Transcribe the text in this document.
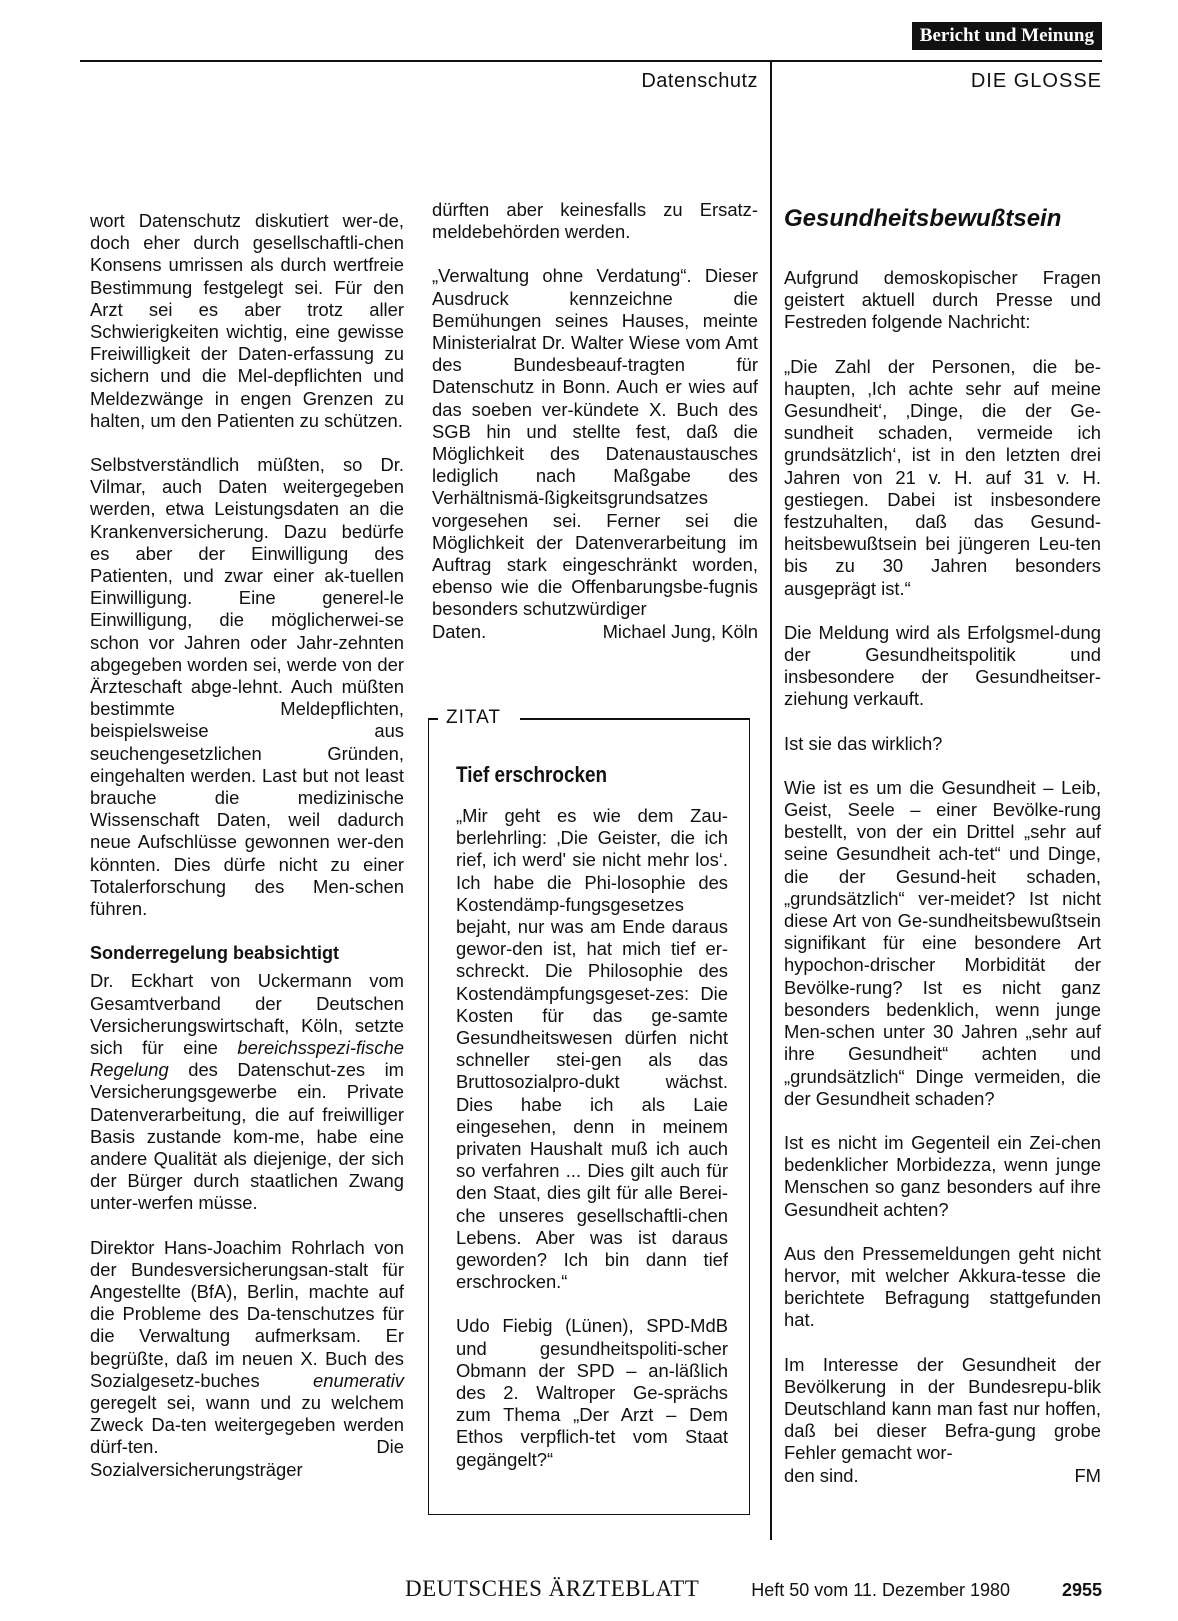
Bericht und Meinung
Datenschutz	DIE GLOSSE

wort Datenschutz diskutiert wer-de, doch eher durch gesellschaftli-chen Konsens umrissen als durch wertfreie Bestimmung festgelegt sei. Für den Arzt sei es aber trotz aller Schwierigkeiten wichtig, eine gewisse Freiwilligkeit der Daten-erfassung zu sichern und die Mel-depflichten und Meldezwänge in engen Grenzen zu halten, um den Patienten zu schützen.

Selbstverständlich müßten, so Dr. Vilmar, auch Daten weitergegeben werden, etwa Leistungsdaten an die Krankenversicherung. Dazu bedürfe es aber der Einwilligung des Patienten, und zwar einer ak-tuellen Einwilligung. Eine generel-le Einwilligung, die möglicherwei-se schon vor Jahren oder Jahr-zehnten abgegeben worden sei, werde von der Ärzteschaft abge-lehnt. Auch müßten bestimmte Meldepflichten, beispielsweise aus seuchengesetzlichen Gründen, eingehalten werden. Last but not least brauche die medizinische Wissenschaft Daten, weil dadurch neue Aufschlüsse gewonnen wer-den könnten. Dies dürfe nicht zu einer Totalerforschung des Men-schen führen.

Sonderregelung beabsichtigt

Dr. Eckhart von Uckermann vom Gesamtverband der Deutschen Versicherungswirtschaft, Köln, setzte sich für eine bereichsspezi-fische Regelung des Datenschut-zes im Versicherungsgewerbe ein. Private Datenverarbeitung, die auf freiwilliger Basis zustande kom-me, habe eine andere Qualität als diejenige, der sich der Bürger durch staatlichen Zwang unter-werfen müsse.

Direktor Hans-Joachim Rohrlach von der Bundesversicherungsan-stalt für Angestellte (BfA), Berlin, machte auf die Probleme des Da-tenschutzes für die Verwaltung aufmerksam. Er begrüßte, daß im neuen X. Buch des Sozialgesetz-buches enumerativ geregelt sei, wann und zu welchem Zweck Da-ten weitergegeben werden dürf-ten. Die Sozialversicherungsträger

dürften aber keinesfalls zu Ersatz-meldebehörden werden.

„Verwaltung ohne Verdatung“. Dieser Ausdruck kennzeichne die Bemühungen seines Hauses, meinte Ministerialrat Dr. Walter Wiese vom Amt des Bundesbeauf-tragten für Datenschutz in Bonn. Auch er wies auf das soeben ver-kündete X. Buch des SGB hin und stellte fest, daß die Möglichkeit des Datenaustausches lediglich nach Maßgabe des Verhältnismä-ßigkeitsgrundsatzes vorgesehen sei. Ferner sei die Möglichkeit der Datenverarbeitung im Auftrag stark eingeschränkt worden, ebenso wie die Offenbarungsbe-fugnis besonders schutzwürdiger

Daten.	Michael Jung, Köln
ZITAT
Tief erschrocken

„Mir geht es wie dem Zau-berlehrling: ‚Die Geister, die ich rief, ich werd' sie nicht mehr los‘. Ich habe die Phi-losophie des Kostendämp-fungsgesetzes bejaht, nur was am Ende daraus gewor-den ist, hat mich tief er-schreckt. Die Philosophie des Kostendämpfungsgeset-zes: Die Kosten für das ge-samte Gesundheitswesen dürfen nicht schneller stei-gen als das Bruttosozialpro-dukt wächst. Dies habe ich als Laie eingesehen, denn in meinem privaten Haushalt muß ich auch so verfahren ... Dies gilt auch für den Staat, dies gilt für alle Berei-che unseres gesellschaftli-chen Lebens. Aber was ist daraus geworden? Ich bin dann tief erschrocken.“

Udo Fiebig (Lünen), SPD-MdB und gesundheitspoliti-scher Obmann der SPD – an-läßlich des 2. Waltroper Ge-sprächs zum Thema „Der Arzt – Dem Ethos verpflich-tet vom Staat gegängelt?“

Gesundheitsbewußtsein

Aufgrund demoskopischer Fragen geistert aktuell durch Presse und Festreden folgende Nachricht:

„Die Zahl der Personen, die be-haupten, ‚Ich achte sehr auf meine Gesundheit‘, ‚Dinge, die der Ge-sundheit schaden, vermeide ich grundsätzlich‘, ist in den letzten drei Jahren von 21 v. H. auf 31 v. H. gestiegen. Dabei ist insbesondere festzuhalten, daß das Gesund-heitsbewußtsein bei jüngeren Leu-ten bis zu 30 Jahren besonders ausgeprägt ist.“

Die Meldung wird als Erfolgsmel-dung der Gesundheitspolitik und insbesondere der Gesundheitser-ziehung verkauft.

Ist sie das wirklich?

Wie ist es um die Gesundheit – Leib, Geist, Seele – einer Bevölke-rung bestellt, von der ein Drittel „sehr auf seine Gesundheit ach-tet“ und Dinge, die der Gesund-heit schaden, „grundsätzlich“ ver-meidet? Ist nicht diese Art von Ge-sundheitsbewußtsein signifikant für eine besondere Art hypochon-drischer Morbidität der Bevölke-rung? Ist es nicht ganz besonders bedenklich, wenn junge Men-schen unter 30 Jahren „sehr auf ihre Gesundheit“ achten und „grundsätzlich“ Dinge vermeiden, die der Gesundheit schaden?

Ist es nicht im Gegenteil ein Zei-chen bedenklicher Morbidezza, wenn junge Menschen so ganz besonders auf ihre Gesundheit achten?

Aus den Pressemeldungen geht nicht hervor, mit welcher Akkura-tesse die berichtete Befragung stattgefunden hat.

Im Interesse der Gesundheit der Bevölkerung in der Bundesrepu-blik Deutschland kann man fast nur hoffen, daß bei dieser Befra-gung grobe Fehler gemacht wor-

den sind.	FM
DEUTSCHES ÄRZTEBLATT	Heft 50 vom 11. Dezember 1980	2955
